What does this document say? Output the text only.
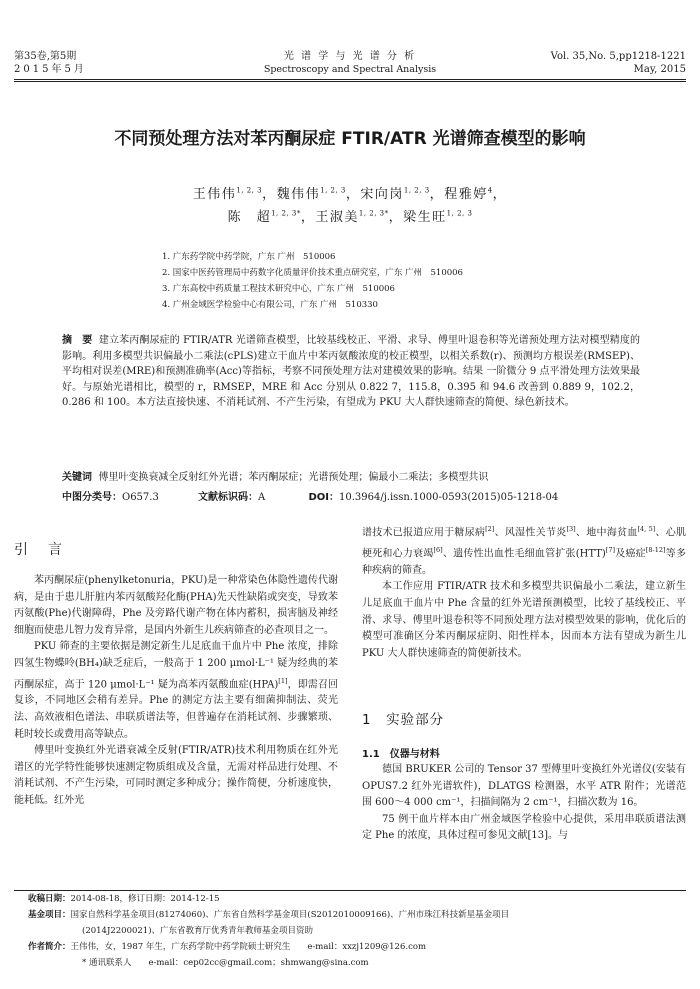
第35卷,第5期
2015年5月
光 谱 学 与 光 谱 分 析
Spectroscopy and Spectral Analysis
Vol. 35,No. 5,pp1218-1221
May, 2015
不同预处理方法对苯丙酮尿症 FTIR/ATR 光谱筛查模型的影响
王伟伟$^{1, 2, 3}$，魏伟伟$^{1, 2, 3}$，宋向岗$^{1, 2, 3}$，程雅婷$^4$，
陈　超$^{1, 2, 3*}$，王淑美$^{1, 2, 3*}$，梁生旺$^{1, 2, 3}$
1. 广东药学院中药学院，广东 广州　510006
2. 国家中医药管理局中药数字化质量评价技术重点研究室，广东 广州　510006
3. 广东高校中药质量工程技术研究中心，广东 广州　510006
4. 广州金域医学检验中心有限公司，广东 广州　510330
摘　要 建立苯丙酮尿症的 FTIR/ATR 光谱筛查模型，比较基线校正、平滑、求导、傅里叶退卷积等光谱预处理方法对模型精度的影响。利用多模型共识偏最小二乘法(cPLS)建立干血片中苯丙氨酸浓度的校正模型，以相关系数(r)、预测均方根误差(RMSEP)、平均相对误差(MRE)和预测准确率(Acc)等指标，考察不同预处理方法对建模效果的影响。结果 一阶微分 9 点平滑处理方法效果最好。与原始光谱相比，模型的 r，RMSEP，MRE 和 Acc 分别从 0.822 7，115.8，0.395 和 94.6 改善到 0.889 9，102.2，0.286 和 100。本方法直接快速、不消耗试剂、不产生污染，有望成为 PKU 大人群快速筛查的简便、绿色新技术。
关键词 傅里叶变换衰减全反射红外光谱；苯丙酮尿症；光谱预处理；偏最小二乘法；多模型共识
中图分类号：O657.3	文献标识码：A	DOI：10.3964/j.issn.1000-0593(2015)05-1218-04
引　言

苯丙酮尿症(phenylketonuria，PKU)是一种常染色体隐性遗传代谢病，是由于患儿肝脏内苯丙氨酸羟化酶(PHA)先天性缺陷或突变，导致苯丙氨酸(Phe)代谢障碍，Phe 及旁路代谢产物在体内蓄积，损害脑及神经细胞而使患儿智力发育异常，是国内外新生儿疾病筛查的必查项目之一。

PKU 筛查的主要依据是测定新生儿足底血干血片中 Phe 浓度，排除四氢生物蝶呤(BH₄)缺乏症后，一般高于 1 200 μmol·L⁻¹ 疑为经典的苯丙酮尿症，高于 120 μmol·L⁻¹ 疑为高苯丙氨酸血症(HPA)[1]，即需召回复诊，不同地区会稍有差异。Phe 的测定方法主要有细菌抑制法、荧光法、高效液相色谱法、串联质谱法等，但普遍存在消耗试剂、步骤繁琐、耗时较长或费用高等缺点。

傅里叶变换红外光谱衰减全反射(FTIR/ATR)技术利用物质在红外光谱区的光学特性能够快速测定物质组成及含量，无需对样品进行处理、不消耗试剂、不产生污染，可同时测定多种成分；操作简便，分析速度快，能耗低。红外光

谱技术已报道应用于糖尿病[2]、风湿性关节炎[3]、地中海贫血[4, 5]、心肌梗死和心力衰竭[6]、遗传性出血性毛细血管扩张(HTT)[7]及癌症[8-12]等多种疾病的筛查。

本工作应用 FTIR/ATR 技术和多模型共识偏最小二乘法，建立新生儿足底血干血片中 Phe 含量的红外光谱预测模型，比较了基线校正、平滑、求导、傅里叶退卷积等不同预处理方法对模型效果的影响，优化后的模型可准确区分苯丙酮尿症阴、阳性样本，因而本方法有望成为新生儿 PKU 大人群快速筛查的简便新技术。

1　实验部分
1.1　仪器与材料

德国 BRUKER 公司的 Tensor 37 型傅里叶变换红外光谱仪(安装有 OPUS7.2 红外光谱软件)，DLATGS 检测器，水平 ATR 附件；光谱范围 600～4 000 cm⁻¹，扫描间隔为 2 cm⁻¹，扫描次数为 16。

75 例干血片样本由广州金域医学检验中心提供，采用串联质谱法测定 Phe 的浓度，具体过程可参见文献[13]。与

收稿日期：2014-08-18，修订日期：2014-12-15
基金项目：国家自然科学基金项目(81274060)、广东省自然科学基金项目(S2012010009166)、广州市珠江科技新星基金项目
(2014J2200021)、广东省教育厅优秀青年教师基金项目资助
作者简介：王伟伟，女，1987 年生，广东药学院中药学院硕士研究生　　e-mail：xxzj1209@126.com
* 通讯联系人　　e-mail：cep02cc@gmail.com；shmwang@sina.com
